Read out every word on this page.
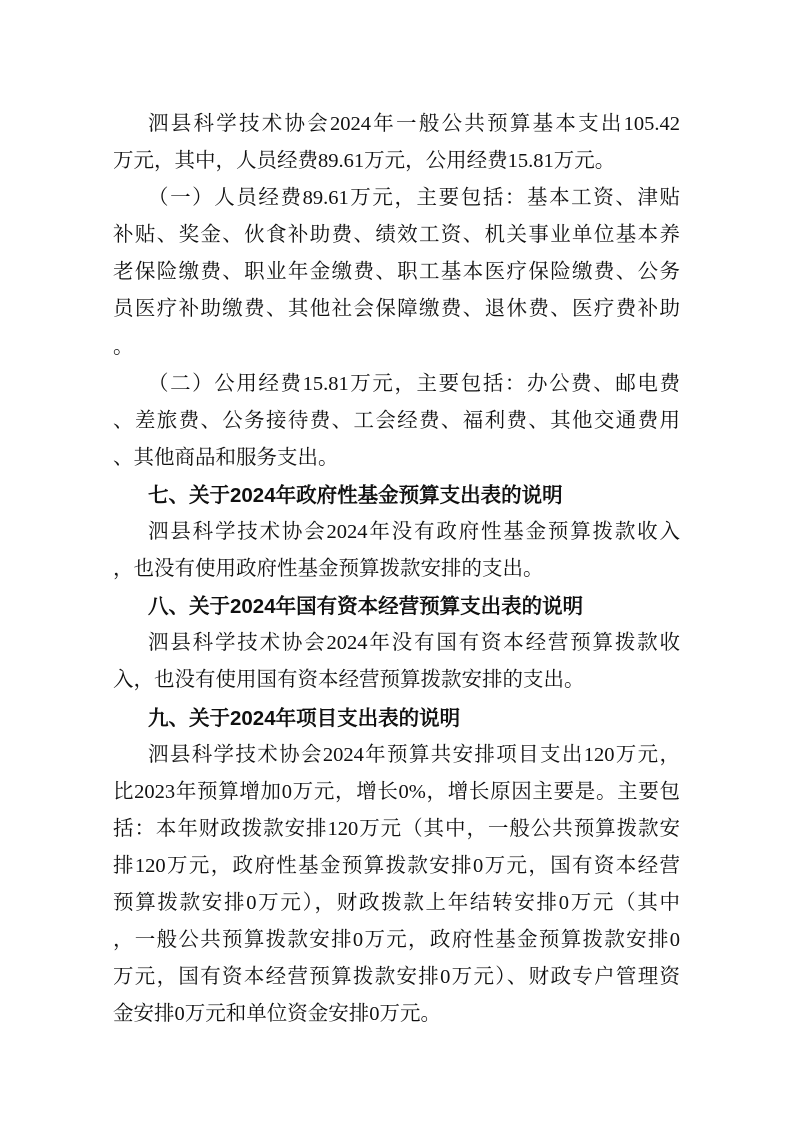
泗县科学技术协会2024年一般公共预算基本支出105.42
万元，其中，人员经费89.61万元，公用经费15.81万元。
（一）人员经费89.61万元，主要包括：基本工资、津贴
补贴、奖金、伙食补助费、绩效工资、机关事业单位基本养
老保险缴费、职业年金缴费、职工基本医疗保险缴费、公务
员医疗补助缴费、其他社会保障缴费、退休费、医疗费补助
。
（二）公用经费15.81万元，主要包括：办公费、邮电费
、差旅费、公务接待费、工会经费、福利费、其他交通费用
、其他商品和服务支出。
七、关于2024年政府性基金预算支出表的说明
泗县科学技术协会2024年没有政府性基金预算拨款收入
，也没有使用政府性基金预算拨款安排的支出。
八、关于2024年国有资本经营预算支出表的说明
泗县科学技术协会2024年没有国有资本经营预算拨款收
入，也没有使用国有资本经营预算拨款安排的支出。
九、关于2024年项目支出表的说明
泗县科学技术协会2024年预算共安排项目支出120万元，
比2023年预算增加0万元，增长0%，增长原因主要是。主要包
括：本年财政拨款安排120万元（其中，一般公共预算拨款安
排120万元，政府性基金预算拨款安排0万元，国有资本经营
预算拨款安排0万元），财政拨款上年结转安排0万元（其中
，一般公共预算拨款安排0万元，政府性基金预算拨款安排0
万元，国有资本经营预算拨款安排0万元）、财政专户管理资
金安排0万元和单位资金安排0万元。
